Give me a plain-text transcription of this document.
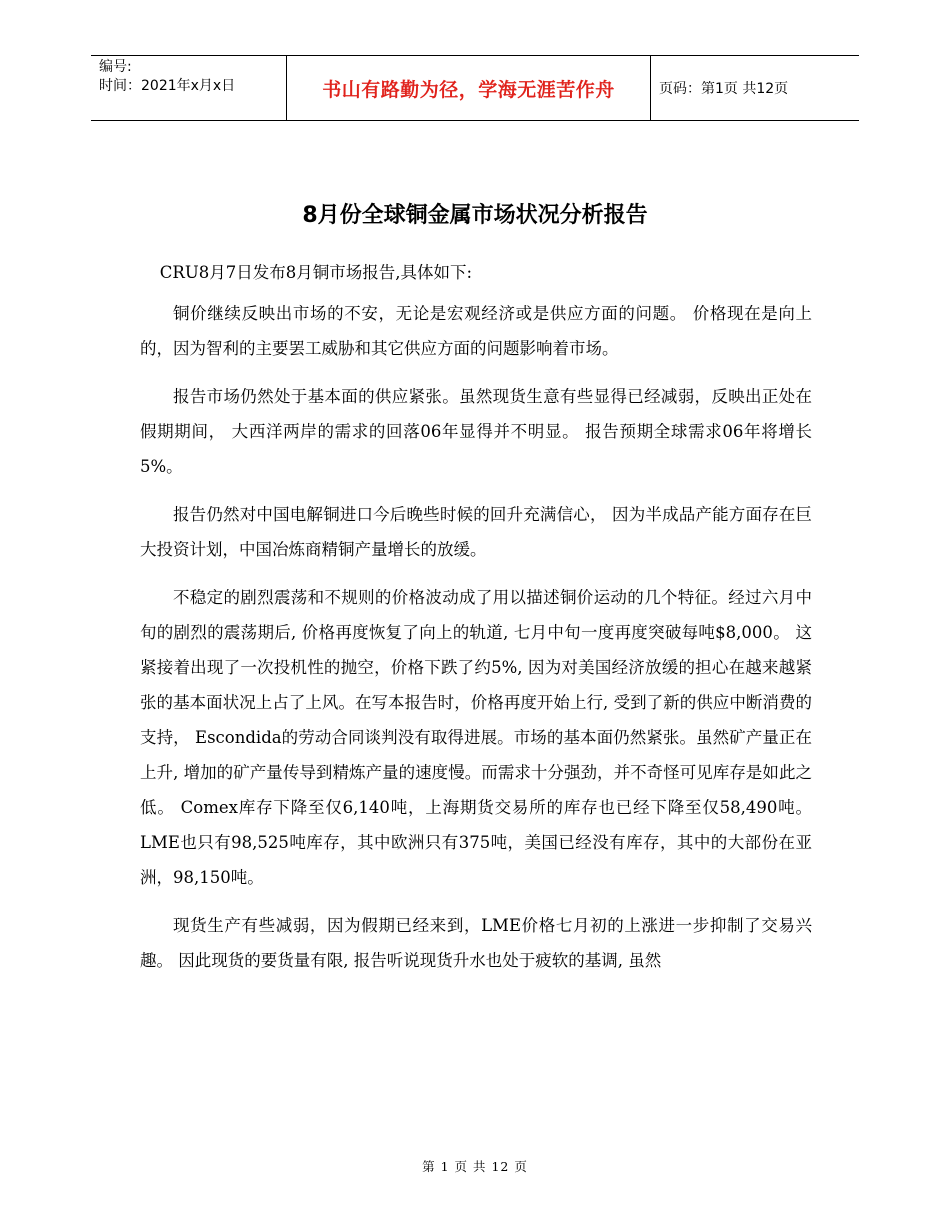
编号:
时间：2021年x月x日	书山有路勤为径，学海无涯苦作舟	页码：第1页 共12页
8月份全球铜金属市场状况分析报告

CRU8月7日发布8月铜市场报告,具体如下:

铜价继续反映出市场的不安，无论是宏观经济或是供应方面的问题。 价格现在是向上的，因为智利的主要罢工威胁和其它供应方面的问题影响着市场。

报告市场仍然处于基本面的供应紧张。虽然现货生意有些显得已经减弱，反映出正处在假期期间， 大西洋两岸的需求的回落06年显得并不明显。 报告预期全球需求06年将增长5%。

报告仍然对中国电解铜进口今后晚些时候的回升充满信心， 因为半成品产能方面存在巨大投资计划，中国冶炼商精铜产量增长的放缓。

不稳定的剧烈震荡和不规则的价格波动成了用以描述铜价运动的几个特征。经过六月中旬的剧烈的震荡期后, 价格再度恢复了向上的轨道, 七月中旬一度再度突破每吨$8,000。 这紧接着出现了一次投机性的抛空，价格下跌了约5%, 因为对美国经济放缓的担心在越来越紧张的基本面状况上占了上风。在写本报告时，价格再度开始上行, 受到了新的供应中断消费的支持， Escondida的劳动合同谈判没有取得进展。市场的基本面仍然紧张。虽然矿产量正在上升, 增加的矿产量传导到精炼产量的速度慢。而需求十分强劲，并不奇怪可见库存是如此之低。 Comex库存下降至仅6,140吨，上海期货交易所的库存也已经下降至仅58,490吨。 LME也只有98,525吨库存，其中欧洲只有375吨，美国已经没有库存，其中的大部份在亚洲，98,150吨。

现货生产有些减弱，因为假期已经来到，LME价格七月初的上涨进一步抑制了交易兴趣。 因此现货的要货量有限, 报告听说现货升水也处于疲软的基调, 虽然

第 1 页 共 12 页
